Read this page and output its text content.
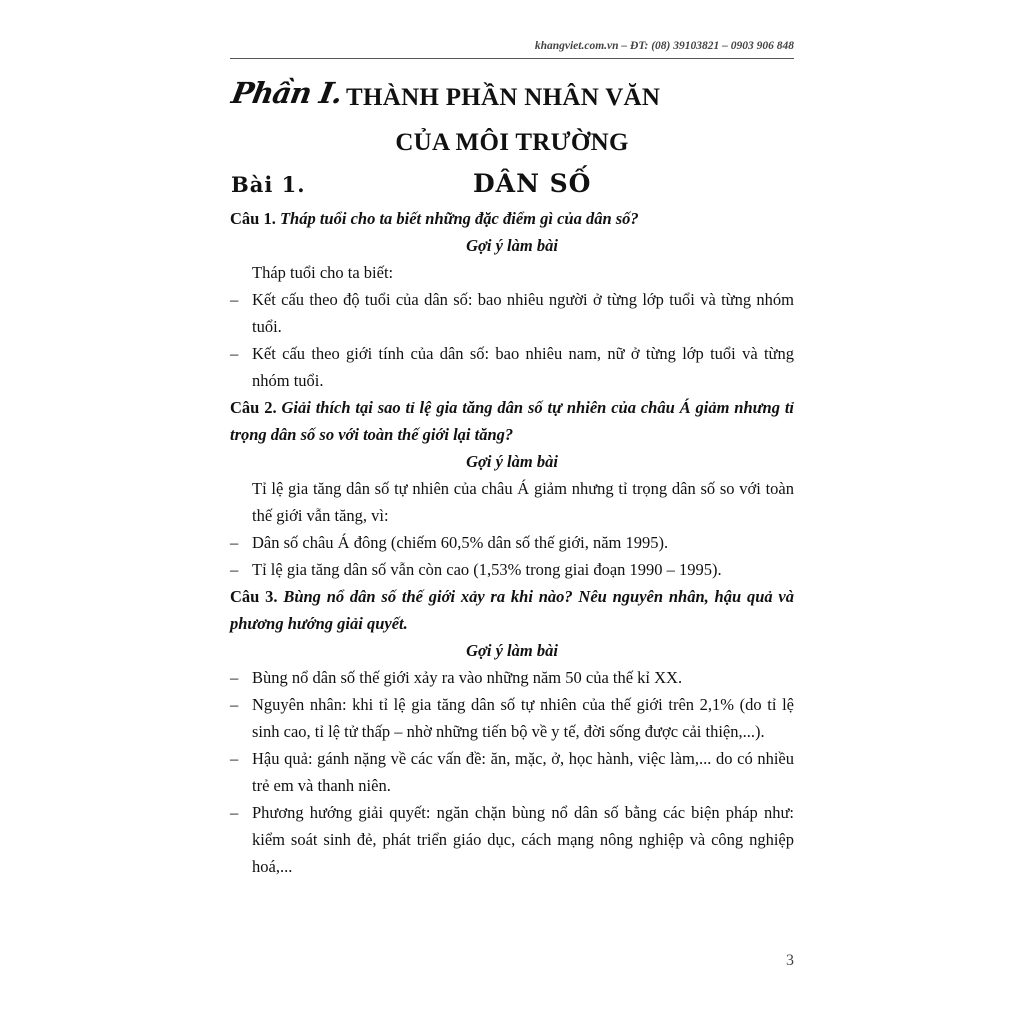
khangviet.com.vn – ĐT: (08) 39103821 – 0903 906 848
Phần I. THÀNH PHẦN NHÂN VĂN
CỦA MÔI TRƯỜNG
Bài 1.	DÂN SỐ

Câu 1. Tháp tuổi cho ta biết những đặc điểm gì của dân số?

Gợi ý làm bài

Tháp tuổi cho ta biết:

– Kết cấu theo độ tuổi của dân số: bao nhiêu người ở từng lớp tuổi và từng nhóm tuổi.

– Kết cấu theo giới tính của dân số: bao nhiêu nam, nữ ở từng lớp tuổi và từng nhóm tuổi.

Câu 2. Giải thích tại sao tỉ lệ gia tăng dân số tự nhiên của châu Á giảm nhưng tỉ trọng dân số so với toàn thế giới lại tăng?

Gợi ý làm bài

Tỉ lệ gia tăng dân số tự nhiên của châu Á giảm nhưng tỉ trọng dân số so với toàn thế giới vẫn tăng, vì:

– Dân số châu Á đông (chiếm 60,5% dân số thế giới, năm 1995).

– Tỉ lệ gia tăng dân số vẫn còn cao (1,53% trong giai đoạn 1990 – 1995).

Câu 3. Bùng nổ dân số thế giới xảy ra khi nào? Nêu nguyên nhân, hậu quả và phương hướng giải quyết.

Gợi ý làm bài

– Bùng nổ dân số thế giới xảy ra vào những năm 50 của thế kỉ XX.

– Nguyên nhân: khi tỉ lệ gia tăng dân số tự nhiên của thế giới trên 2,1% (do tỉ lệ sinh cao, tỉ lệ tử thấp – nhờ những tiến bộ về y tế, đời sống được cải thiện,...).

– Hậu quả: gánh nặng về các vấn đề: ăn, mặc, ở, học hành, việc làm,... do có nhiều trẻ em và thanh niên.

– Phương hướng giải quyết: ngăn chặn bùng nổ dân số bằng các biện pháp như: kiểm soát sinh đẻ, phát triển giáo dục, cách mạng nông nghiệp và công nghiệp hoá,...

3
